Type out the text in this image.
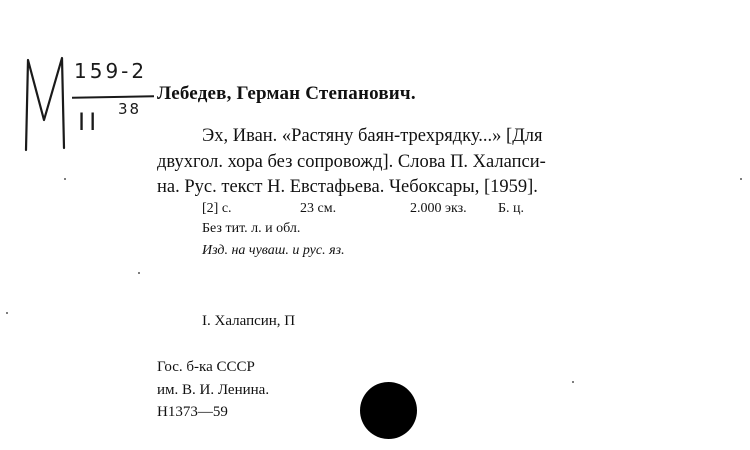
159-2
II 38
Лебедев, Герман Степанович.
Эх, Иван. «Растяну баян-трехрядку...» [Для
двухгол. хора без сопровожд]. Слова П. Халапси-
на. Рус. текст Н. Евстафьева. Чебоксары, [1959].
[2] с.	23 см.	2.000 экз. Б. ц.
Без тит. л. и обл.
Изд. на чуваш. и рус. яз.
I. Халапсин, П
Гос. б-ка СССР
им. В. И. Ленина.
Н1373—59
